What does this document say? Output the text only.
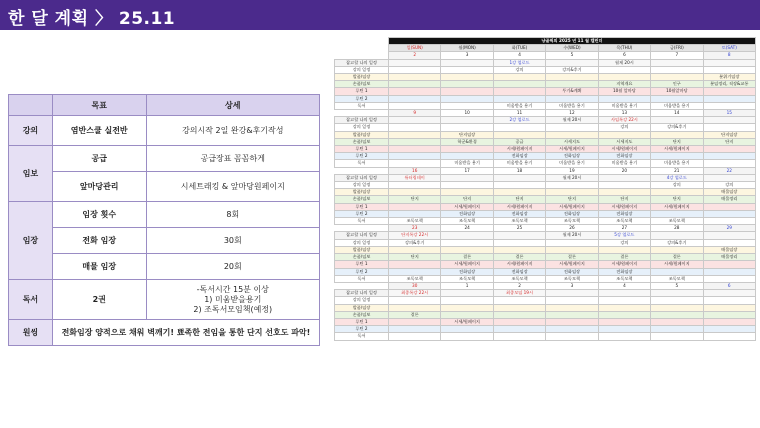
한 달 계획 〉 25.11
	목표	상세
강의	염반스쿨 실전반	강의시작 2일 완강&후기작성
임보	공급	공급장표 꼼꼼하게
	앞마당관리	시세트래킹 & 앞마당원페이지
임장	임장 횟수	8회
	전화 임장	30회
	매물 임장	20회
독서	2권	-독서시간 15분 이상
1) 미움받을용기
2) 조독서모임책(예정)

원씽	전화임장 양적으로 채워 벽깨기! 뾰족한 전임을 통한 단지 선호도 파악!	
	냥골픽의 2025 년 11 월 캘린더						
	일(SUN)	월(MON)	화(TUE)	수(WED)	목(THU)	금(FRI)	토(SAT)
	2	3	4	5	6	7	8
잡고할 나의 일정			1강 업로드		월제 20시		
강의 일정			강의	강의&후기			
발품/임장							분위기임장
손품/임보					지역개요	인구	분임정리, 직장&교통
루틴 1				투기&계획	10월 앞마당	10월앞마당	
루틴 2							
독서			미움받을 용기	미움받을 용기	미움받을 용기	미움받을 용기	
	9	10	11	12	13	14	15
잡고할 나의 일정			2강 업로드	월제 20시	사임톡강 22시		
강의 일정					강의	강의&후기	
발품/임장		단지임장					단지임장
손품/임보		학군&환경	공급	시세지도	시세지도	단지	단지
루틴 1			시세/원페이지	시세/원페이지	시세/원페이지	시세/원페이지	
루틴 2			전화임장	전화임장	전화임장		
독서		미움받을 용기	미움받을 용기	미움받을 용기	미움받을 용기	미움받을 용기	
	16	17	18	19	20	21	22
잡고할 나의 일정	튜터링데이			월제 20시		4강 업로드	
강의 일정						강의	강의
발품/임장							매물임장
손품/임보	단지	단지	단지	단지	단지	단지	매물정리
루틴 1		시세/원페이지	시세/원페이지	시세/원페이지	시세/원페이지	시세/원페이지	
루틴 2		전화임장	전화임장	전화임장	전화임장		
독서	조독모책	조독모책	조독모책	조독모책	조독모책	조독모책	
	23	24	25	26	27	28	29
잡고할 나의 일정	단지톡강 22시			월제 20시	5강 업로드		
강의 일정	강의&후기				강의	강의&후기	
발품/임장							매물임장
손품/임보	단지	결론	결론	결론	결론	결론	매물정리
루틴 1		시세/원페이지	시세/원페이지	시세/원페이지	시세/원페이지	시세/원페이지	
루틴 2		전화임장	전화임장	전화임장	전화임장		
독서	조독모책	조독모책	조독모책	조독모책	조독모책	조독모책	
	30	1	2	3	4	5	6
잡고할 나의 일정	최종톡강 22시		최종모임 19시				
강의 일정							
발품/임장							
손품/임보	결론						
루틴 1		시세/원페이지					
루틴 2							
독서							
